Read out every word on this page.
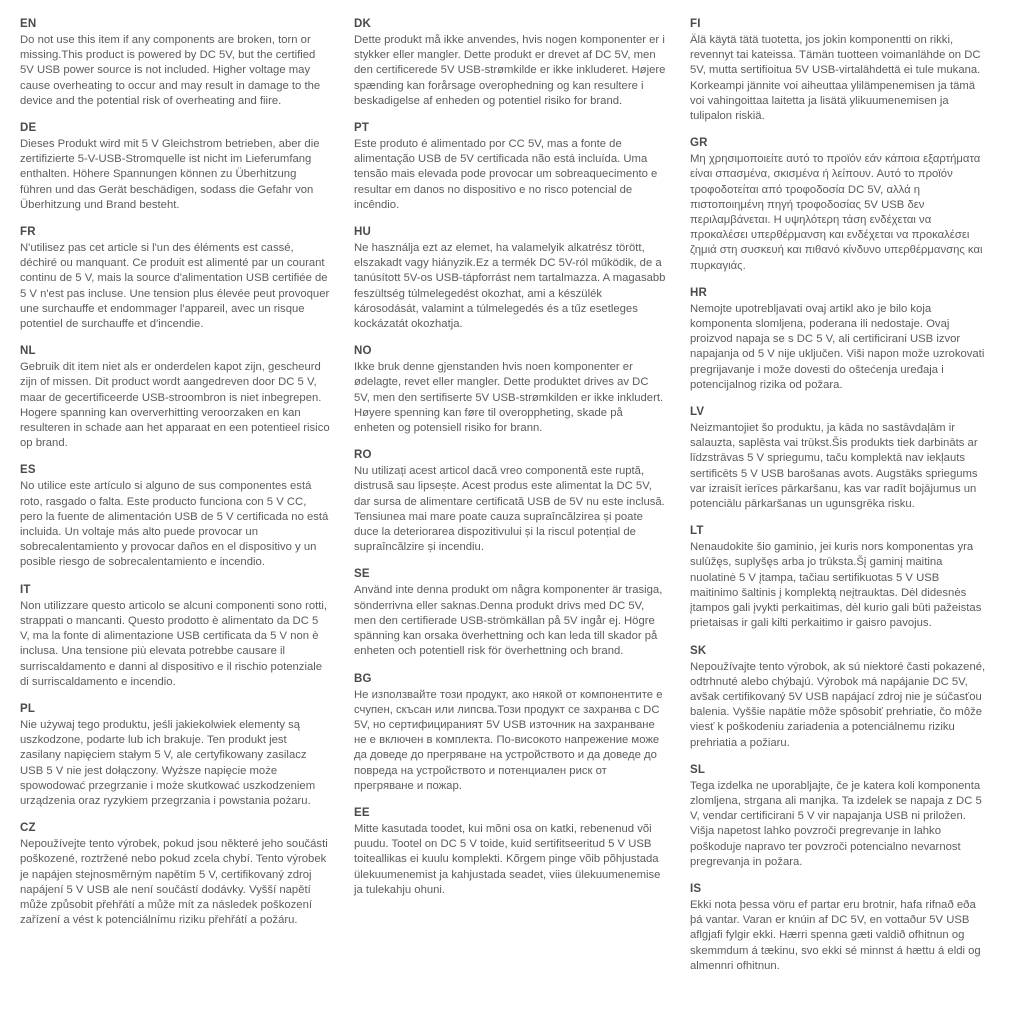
EN

Do not use this item if any components are broken, torn or missing.This product is powered by DC 5V, but the certified 5V USB power source is not included. Higher voltage may cause overheating to occur and may result in damage to the device and the potential risk of overheating and fiire.

DE

Dieses Produkt wird mit 5 V Gleichstrom betrieben, aber die zertifizierte 5-V-USB-Stromquelle ist nicht im Lieferumfang enthalten. Höhere Spannungen können zu Überhitzung führen und das Gerät beschädigen, sodass die Gefahr von Überhitzung und Brand besteht.

FR

N'utilisez pas cet article si l'un des éléments est cassé, déchiré ou manquant. Ce produit est alimenté par un courant continu de 5 V, mais la source d'alimentation USB certifiée de 5 V n'est pas incluse. Une tension plus élevée peut provoquer une surchauffe et endommager l'appareil, avec un risque potentiel de surchauffe et d'incendie.

NL

Gebruik dit item niet als er onderdelen kapot zijn, gescheurd zijn of missen. Dit product wordt aangedreven door DC 5 V, maar de gecertificeerde USB-stroombron is niet inbegrepen. Hogere spanning kan oververhitting veroorzaken en kan resulteren in schade aan het apparaat en een potentieel risico op brand.

ES

No utilice este artículo si alguno de sus componentes está roto, rasgado o falta. Este producto funciona con 5 V CC, pero la fuente de alimentación USB de 5 V certificada no está incluida. Un voltaje más alto puede provocar un sobrecalentamiento y provocar daños en el dispositivo y un posible riesgo de sobrecalentamiento e incendio.

IT

Non utilizzare questo articolo se alcuni componenti sono rotti, strappati o mancanti. Questo prodotto è alimentato da DC 5 V, ma la fonte di alimentazione USB certificata da 5 V non è inclusa. Una tensione più elevata potrebbe causare il surriscaldamento e danni al dispositivo e il rischio potenziale di surriscaldamento e incendio.

PL

Nie używaj tego produktu, jeśli jakiekolwiek elementy są uszkodzone, podarte lub ich brakuje. Ten produkt jest zasilany napięciem stałym 5 V, ale certyfikowany zasilacz USB 5 V nie jest dołączony. Wyższe napięcie może spowodować przegrzanie i może skutkować uszkodzeniem urządzenia oraz ryzykiem przegrzania i powstania pożaru.

CZ

Nepoužívejte tento výrobek, pokud jsou některé jeho součásti poškozené, roztržené nebo pokud zcela chybí. Tento výrobek je napájen stejnosměrným napětím 5 V, certifikovaný zdroj napájení 5 V USB ale není součástí dodávky. Vyšší napětí může způsobit přehřátí a může mít za následek poškození zařízení a vést k potenciálnímu riziku přehřátí a požáru.

DK

Dette produkt må ikke anvendes, hvis nogen komponenter er i stykker eller mangler. Dette produkt er drevet af DC 5V, men den certificerede 5V USB-strømkilde er ikke inkluderet. Højere spænding kan forårsage overophedning og kan resultere i beskadigelse af enheden og potentiel risiko for brand.

PT

Este produto é alimentado por CC 5V, mas a fonte de alimentação USB de 5V certificada não está incluída. Uma tensão mais elevada pode provocar um sobreaquecimento e resultar em danos no dispositivo e no risco potencial de incêndio.

HU

Ne használja ezt az elemet, ha valamelyik alkatrész törött, elszakadt vagy hiányzik.Ez a termék DC 5V-ról működik, de a tanúsított 5V-os USB-tápforrást nem tartalmazza. A magasabb feszültség túlmelegedést okozhat, ami a készülék károsodását, valamint a túlmelegedés és a tűz esetleges kockázatát okozhatja.

NO

Ikke bruk denne gjenstanden hvis noen komponenter er ødelagte, revet eller mangler. Dette produktet drives av DC 5V, men den sertifiserte 5V USB-strømkilden er ikke inkludert. Høyere spenning kan føre til overoppheting, skade på enheten og potensiell risiko for brann.

RO

Nu utilizați acest articol dacă vreo componentă este ruptă, distrusă sau lipsește. Acest produs este alimentat la DC 5V, dar sursa de alimentare certificată USB de 5V nu este inclusă. Tensiunea mai mare poate cauza supraîncălzirea și poate duce la deteriorarea dispozitivului și la riscul potențial de supraîncălzire și incendiu.

SE

Använd inte denna produkt om några komponenter är trasiga, sönderrivna eller saknas.Denna produkt drivs med DC 5V, men den certifierade USB-strömkällan på 5V ingår ej. Högre spänning kan orsaka överhettning och kan leda till skador på enheten och potentiell risk för överhettning och brand.

BG

Не използвайте този продукт, ако някой от компонентите е счупен, скъсан или липсва.Този продукт се захранва с DC 5V, но сертифицираният 5V USB източник на захранване не е включен в комплекта. По-високото напрежение може да доведе до прегряване на устройството и да доведе до повреда на устройството и потенциален риск от прегряване и пожар.

EE

Mitte kasutada toodet, kui mõni osa on katki, rebenenud või puudu. Tootel on DC 5 V toide, kuid sertifitseeritud 5 V USB toiteallikas ei kuulu komplekti. Kõrgem pinge võib põhjustada ülekuumenemist ja kahjustada seadet, viies ülekuumenemise ja tulekahju ohuni.

FI

Älä käytä tätä tuotetta, jos jokin komponentti on rikki, revennyt tai kateissa. Tämän tuotteen voimanlähde on DC 5V, mutta sertifioitua 5V USB-virtalähdettä ei tule mukana. Korkeampi jännite voi aiheuttaa ylilämpenemisen ja tämä voi vahingoittaa laitetta ja lisätä ylikuumenemisen ja tulipalon riskiä.

GR

Μη χρησιμοποιείτε αυτό το προϊόν εάν κάποια εξαρτήματα είναι σπασμένα, σκισμένα ή λείπουν. Αυτό το προϊόν τροφοδοτείται από τροφοδοσία DC 5V, αλλά η πιστοποιημένη πηγή τροφοδοσίας 5V USB δεν περιλαμβάνεται. Η υψηλότερη τάση ενδέχεται να προκαλέσει υπερθέρμανση και ενδέχεται να προκαλέσει ζημιά στη συσκευή και πιθανό κίνδυνο υπερθέρμανσης και πυρκαγιάς.

HR

Nemojte upotrebljavati ovaj artikl ako je bilo koja komponenta slomljena, poderana ili nedostaje. Ovaj proizvod napaja se s DC 5 V, ali certificirani USB izvor napajanja od 5 V nije uključen. Viši napon može uzrokovati pregrijavanje i može dovesti do oštećenja uređaja i potencijalnog rizika od požara.

LV

Neizmantojiet šo produktu, ja kāda no sastāvdaļām ir salauzta, saplēsta vai trūkst.Šis produkts tiek darbināts ar līdzstrāvas 5 V spriegumu, taču komplektā nav iekļauts sertificēts 5 V USB barošanas avots. Augstāks spriegums var izraisīt ierīces pārkaršanu, kas var radīt bojājumus un potenciālu pārkaršanas un ugunsgrēka risku.

LT

Nenaudokite šio gaminio, jei kuris nors komponentas yra sulūžęs, suplyšęs arba jo trūksta.Šį gaminį maitina nuolatinė 5 V įtampa, tačiau sertifikuotas 5 V USB maitinimo šaltinis į komplektą neįtrauktas. Dėl didesnės įtampos gali įvykti perkaitimas, dėl kurio gali būti pažeistas prietaisas ir gali kilti perkaitimo ir gaisro pavojus.

SK

Nepoužívajte tento výrobok, ak sú niektoré časti pokazené, odtrhnuté alebo chýbajú. Výrobok má napájanie DC 5V, avšak certifikovaný 5V USB napájací zdroj nie je súčasťou balenia. Vyššie napätie môže spôsobiť prehriatie, čo môže viesť k poškodeniu zariadenia a potenciálnemu riziku prehriatia a požiaru.

SL

Tega izdelka ne uporabljajte, če je katera koli komponenta zlomljena, strgana ali manjka. Ta izdelek se napaja z DC 5 V, vendar certificirani 5 V vir napajanja USB ni priložen. Višja napetost lahko povzroči pregrevanje in lahko poškoduje napravo ter povzroči potencialno nevarnost pregrevanja in požara.

IS

Ekki nota þessa vöru ef partar eru brotnir, hafa rifnað eða þá vantar. Varan er knúin af DC 5V, en vottaður 5V USB aflgjafi fylgir ekki. Hærri spenna gæti valdið ofhitnun og skemmdum á tækinu, svo ekki sé minnst á hættu á eldi og almennri ofhitnun.
